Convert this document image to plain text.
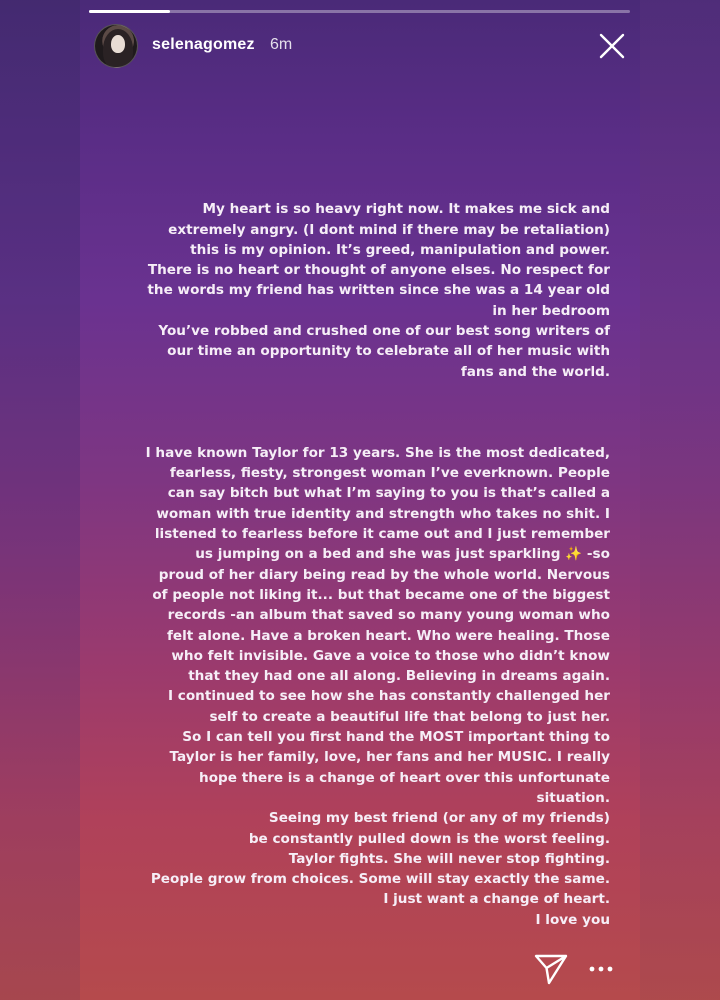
selenagomez 6m

My heart is so heavy right now. It makes me sick and
extremely angry. (I dont mind if there may be retaliation)
this is my opinion. It’s greed, manipulation and power.
There is no heart or thought of anyone elses. No respect for
the words my friend has written since she was a 14 year old
in her bedroom
You’ve robbed and crushed one of our best song writers of
our time an opportunity to celebrate all of her music with
fans and the world.

I have known Taylor for 13 years. She is the most dedicated,
fearless, fiesty, strongest woman I’ve everknown. People
can say bitch but what I’m saying to you is that’s called a
woman with true identity and strength who takes no shit. I
listened to fearless before it came out and I just remember
us jumping on a bed and she was just sparkling ✨ -so
proud of her diary being read by the whole world. Nervous
of people not liking it... but that became one of the biggest
records -an album that saved so many young woman who
felt alone. Have a broken heart. Who were healing. Those
who felt invisible. Gave a voice to those who didn’t know
that they had one all along. Believing in dreams again.
I continued to see how she has constantly challenged her
self to create a beautiful life that belong to just her.
So I can tell you first hand the MOST important thing to
Taylor is her family, love, her fans and her MUSIC. I really
hope there is a change of heart over this unfortunate
situation.
Seeing my best friend (or any of my friends)
be constantly pulled down is the worst feeling.
Taylor fights. She will never stop fighting.
People grow from choices. Some will stay exactly the same.
I just want a change of heart.
I love you
